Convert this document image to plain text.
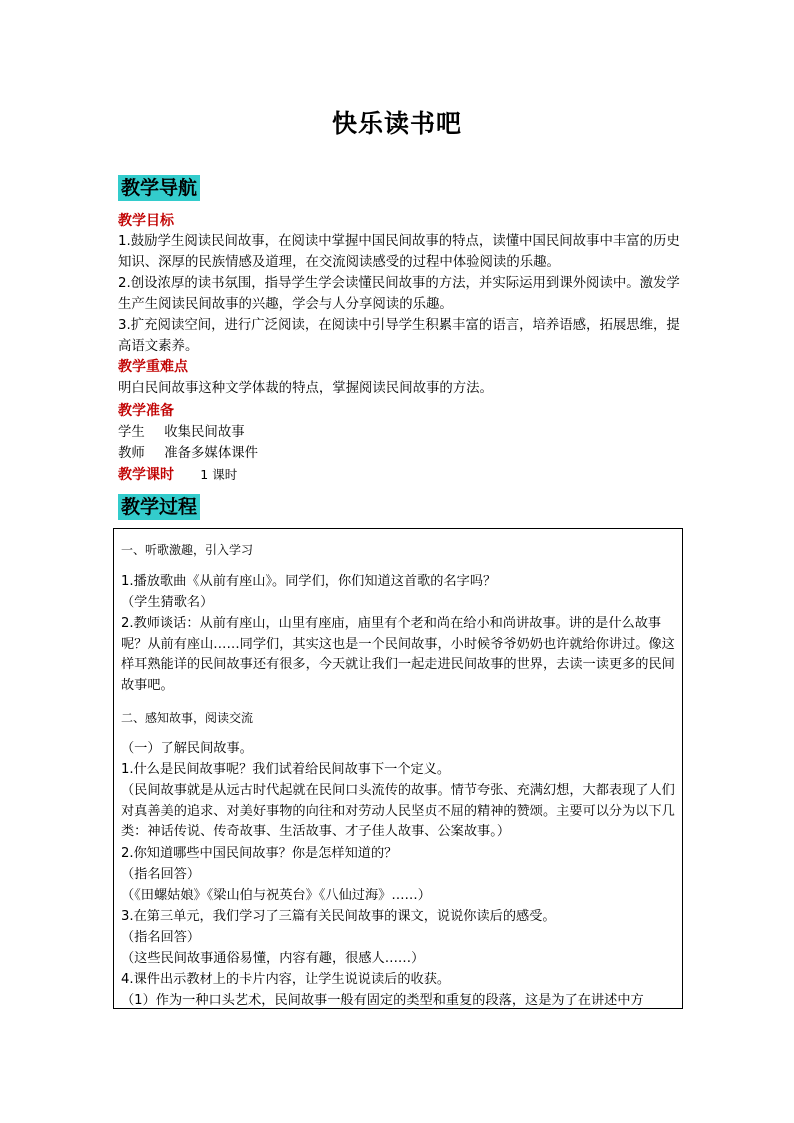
快乐读书吧
教学导航
教学目标
1.鼓励学生阅读民间故事，在阅读中掌握中国民间故事的特点，读懂中国民间故事中丰富的历史知识、深厚的民族情感及道理，在交流阅读感受的过程中体验阅读的乐趣。
2.创设浓厚的读书氛围，指导学生学会读懂民间故事的方法，并实际运用到课外阅读中。激发学生产生阅读民间故事的兴趣，学会与人分享阅读的乐趣。
3.扩充阅读空间，进行广泛阅读，在阅读中引导学生积累丰富的语言，培养语感，拓展思维，提高语文素养。
教学重难点
明白民间故事这种文学体裁的特点，掌握阅读民间故事的方法。
教学准备
学生 收集民间故事
教师 准备多媒体课件
教学课时 1 课时
教学过程
一、听歌激趣，引入学习
1.播放歌曲《从前有座山》。同学们，你们知道这首歌的名字吗？
（学生猜歌名）
2.教师谈话：从前有座山，山里有座庙，庙里有个老和尚在给小和尚讲故事。讲的是什么故事呢？从前有座山……同学们，其实这也是一个民间故事，小时候爷爷奶奶也许就给你讲过。像这样耳熟能详的民间故事还有很多，今天就让我们一起走进民间故事的世界，去读一读更多的民间故事吧。
二、感知故事，阅读交流
（一）了解民间故事。
1.什么是民间故事呢？我们试着给民间故事下一个定义。
（民间故事就是从远古时代起就在民间口头流传的故事。情节夸张、充满幻想，大都表现了人们对真善美的追求、对美好事物的向往和对劳动人民坚贞不屈的精神的赞颂。主要可以分为以下几类：神话传说、传奇故事、生活故事、才子佳人故事、公案故事。）
2.你知道哪些中国民间故事？你是怎样知道的？
（指名回答）
（《田螺姑娘》《梁山伯与祝英台》《八仙过海》……）
3.在第三单元，我们学习了三篇有关民间故事的课文，说说你读后的感受。
（指名回答）
（这些民间故事通俗易懂，内容有趣，很感人……）
4.课件出示教材上的卡片内容，让学生说说读后的收获。
（1）作为一种口头艺术，民间故事一般有固定的类型和重复的段落，这是为了在讲述中方
